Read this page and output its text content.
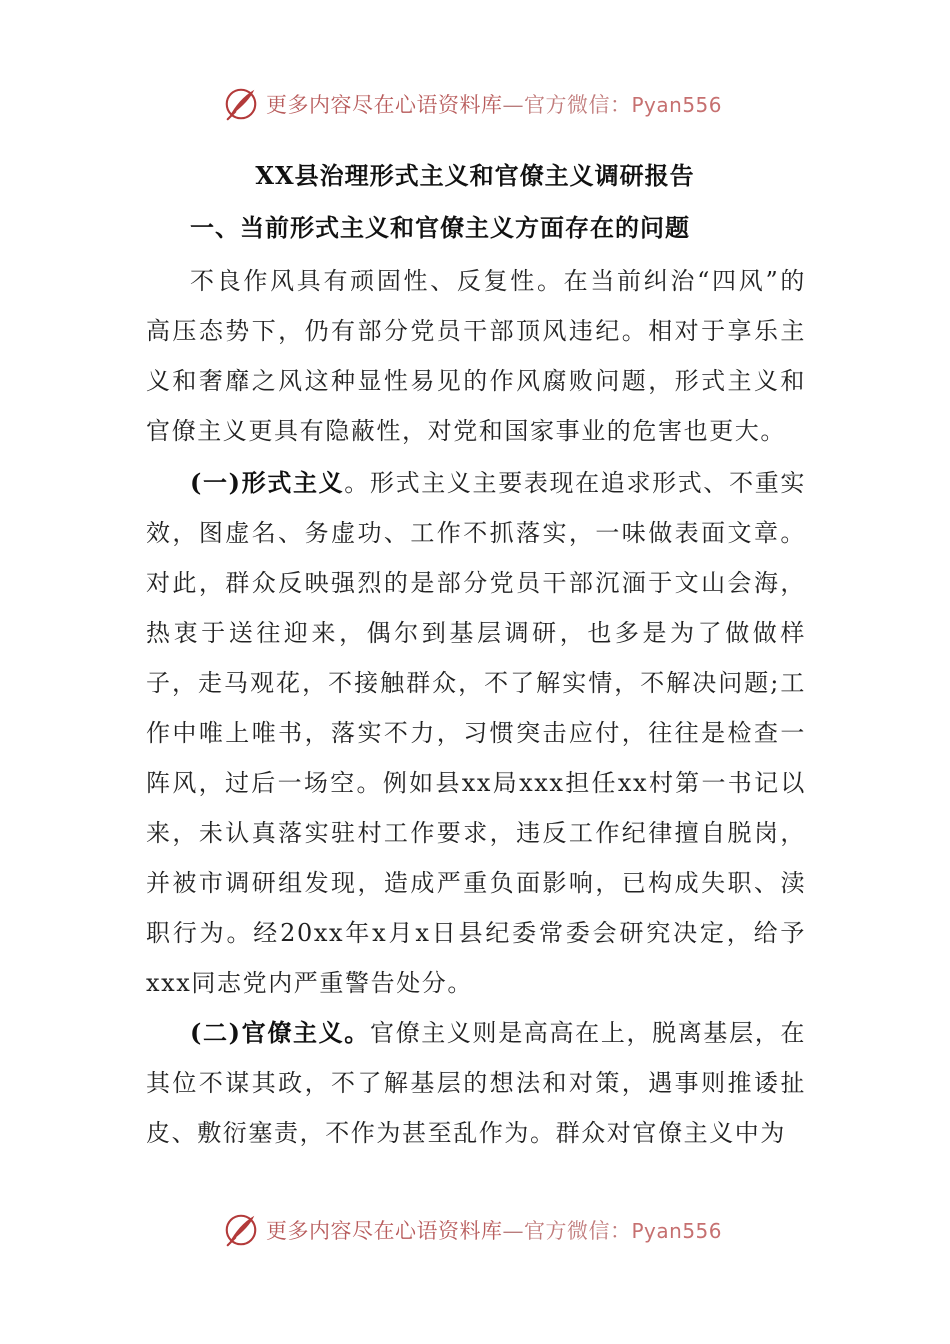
更多内容尽在心语资料库—官方微信：Pyan556
XX县治理形式主义和官僚主义调研报告
一、当前形式主义和官僚主义方面存在的问题

不良作风具有顽固性、反复性。在当前纠治“四风”的高压态势下，仍有部分党员干部顶风违纪。相对于享乐主义和奢靡之风这种显性易见的作风腐败问题，形式主义和官僚主义更具有隐蔽性，对党和国家事业的危害也更大。

(一)形式主义。形式主义主要表现在追求形式、不重实效，图虚名、务虚功、工作不抓落实，一味做表面文章。对此，群众反映强烈的是部分党员干部沉湎于文山会海，热衷于送往迎来，偶尔到基层调研，也多是为了做做样子，走马观花，不接触群众，不了解实情，不解决问题;工作中唯上唯书，落实不力，习惯突击应付，往往是检查一阵风，过后一场空。例如县xx局xxx担任xx村第一书记以来，未认真落实驻村工作要求，违反工作纪律擅自脱岗，并被市调研组发现，造成严重负面影响，已构成失职、渎职行为。经20xx年x月x日县纪委常委会研究决定，给予xxx同志党内严重警告处分。

(二)官僚主义。官僚主义则是高高在上，脱离基层，在其位不谋其政，不了解基层的想法和对策，遇事则推诿扯皮、敷衍塞责，不作为甚至乱作为。群众对官僚主义中为

更多内容尽在心语资料库—官方微信：Pyan556
